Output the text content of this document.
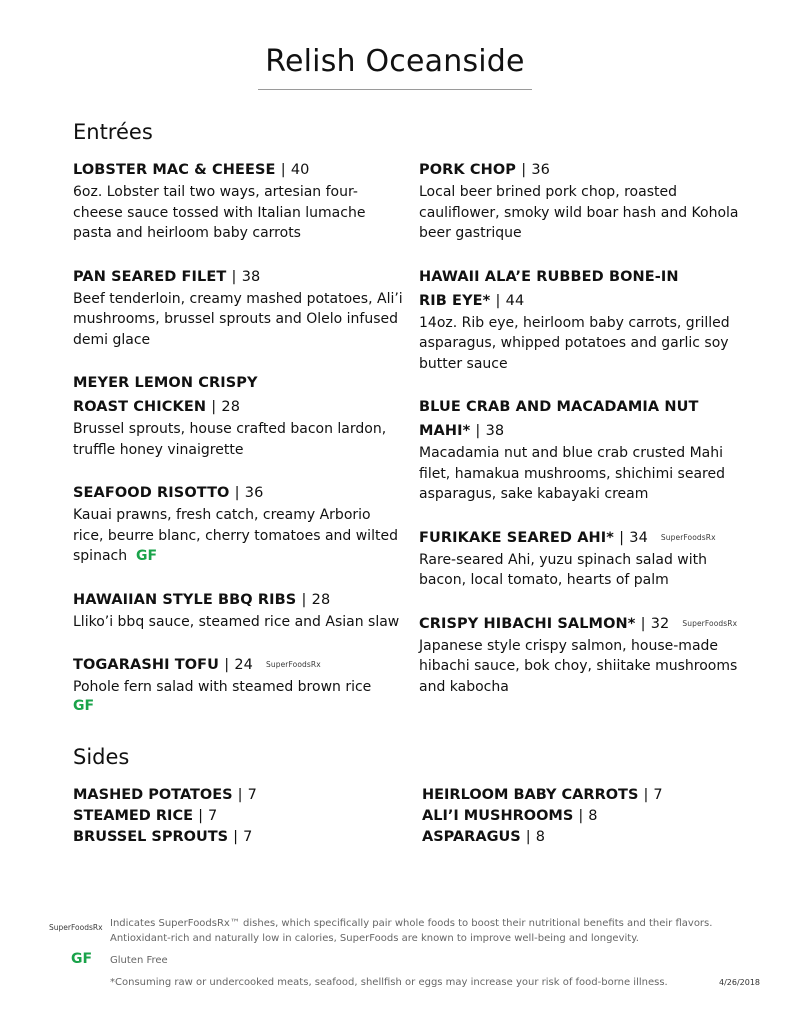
Relish Oceanside
Entrées
LOBSTER MAC & CHEESE | 40
6oz. Lobster tail two ways, artesian four-cheese sauce tossed with Italian lumache pasta and heirloom baby carrots
PAN SEARED FILET | 38
Beef tenderloin, creamy mashed potatoes, Ali’i mushrooms, brussel sprouts and Olelo infused demi glace
MEYER LEMON CRISPY ROAST CHICKEN | 28
Brussel sprouts, house crafted bacon lardon, truffle honey vinaigrette
SEAFOOD RISOTTO | 36
Kauai prawns, fresh catch, creamy Arborio rice, beurre blanc, cherry tomatoes and wilted spinach GF
HAWAIIAN STYLE BBQ RIBS | 28
Lliko’i bbq sauce, steamed rice and Asian slaw
TOGARASHI TOFU | 24 SuperFoodsRx
Pohole fern salad with steamed brown rice
GF
PORK CHOP | 36
Local beer brined pork chop, roasted cauliflower, smoky wild boar hash and Kohola beer gastrique
HAWAII ALA’E RUBBED BONE-IN RIB EYE* | 44
14oz. Rib eye, heirloom baby carrots, grilled asparagus, whipped potatoes and garlic soy butter sauce
BLUE CRAB AND MACADAMIA NUT MAHI* | 38
Macadamia nut and blue crab crusted Mahi filet, hamakua mushrooms, shichimi seared asparagus, sake kabayaki cream
FURIKAKE SEARED AHI* | 34 SuperFoodsRx
Rare-seared Ahi, yuzu spinach salad with bacon, local tomato, hearts of palm
CRISPY HIBACHI SALMON* | 32 SuperFoodsRx
Japanese style crispy salmon, house-made hibachi sauce, bok choy, shiitake mushrooms and kabocha
Sides
MASHED POTATOES | 7
STEAMED RICE | 7
BRUSSEL SPROUTS | 7
HEIRLOOM BABY CARROTS | 7
ALI’I MUSHROOMS | 8
ASPARAGUS | 8
SuperFoodsRx Indicates SuperFoodsRx™ dishes, which specifically pair whole foods to boost their nutritional benefits and their flavors.
Antioxidant-rich and naturally low in calories, SuperFoods are known to improve well-being and longevity.
GF Gluten Free
*Consuming raw or undercooked meats, seafood, shellfish or eggs may increase your risk of food-borne illness.	4/26/2018
